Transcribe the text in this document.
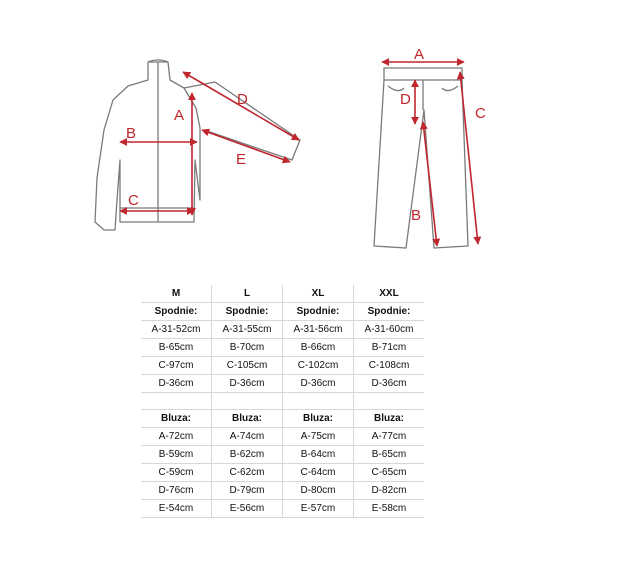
A
B
C
D
E
A
B
C
D
M	L	XL	XXL
Spodnie:	Spodnie:	Spodnie:	Spodnie:
A-31-52cm	A-31-55cm	A-31-56cm	A-31-60cm
B-65cm	B-70cm	B-66cm	B-71cm
C-97cm	C-105cm	C-102cm	C-108cm
D-36cm	D-36cm	D-36cm	D-36cm

Bluza:	Bluza:	Bluza:	Bluza:
A-72cm	A-74cm	A-75cm	A-77cm
B-59cm	B-62cm	B-64cm	B-65cm
C-59cm	C-62cm	C-64cm	C-65cm
D-76cm	D-79cm	D-80cm	D-82cm
E-54cm	E-56cm	E-57cm	E-58cm
